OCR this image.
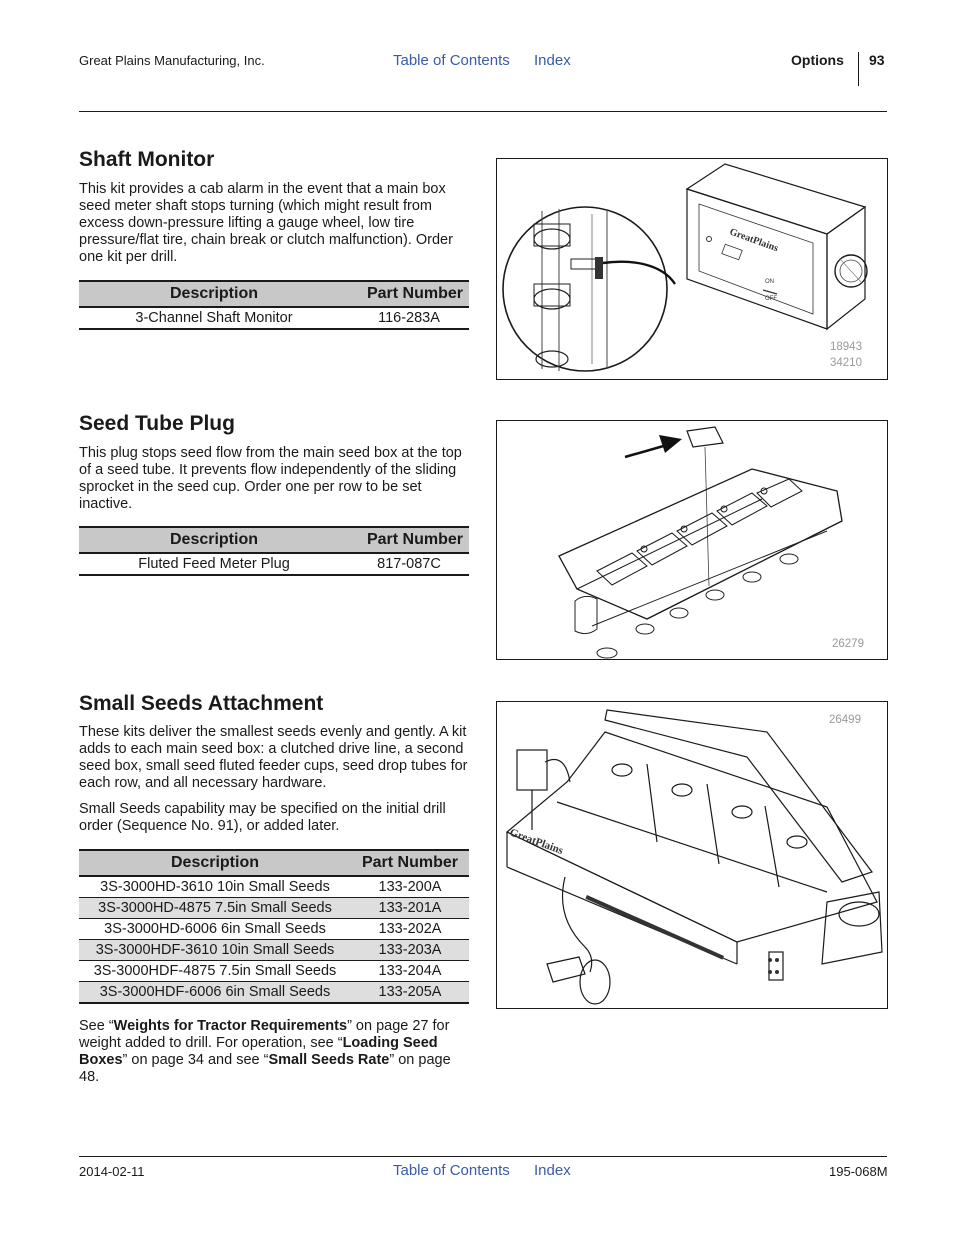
Great Plains Manufacturing, Inc.	Table of Contents Index	Options 93
Shaft Monitor

This kit provides a cab alarm in the event that a main box seed meter shaft stops turning (which might result from excess down-pressure lifting a gauge wheel, low tire pressure/flat tire, chain break or clutch malfunction). Order one kit per drill.

Description	Part Number
3-Channel Shaft Monitor	116-283A
GreatPlains
ON
OFF
18943
34210
Seed Tube Plug

This plug stops seed flow from the main seed box at the top of a seed tube. It prevents flow independently of the sliding sprocket in the seed cup. Order one per row to be set inactive.

Description	Part Number
Fluted Feed Meter Plug	817-087C
26279
Small Seeds Attachment

These kits deliver the smallest seeds evenly and gently. A kit adds to each main seed box: a clutched drive line, a second seed box, small seed fluted feeder cups, seed drop tubes for each row, and all necessary hardware.

Small Seeds capability may be specified on the initial drill order (Sequence No. 91), or added later.

Description	Part Number
3S-3000HD-3610 10in Small Seeds	133-200A
3S-3000HD-4875 7.5in Small Seeds	133-201A
3S-3000HD-6006 6in Small Seeds	133-202A
3S-3000HDF-3610 10in Small Seeds	133-203A
3S-3000HDF-4875 7.5in Small Seeds	133-204A
3S-3000HDF-6006 6in Small Seeds	133-205A

See “Weights for Tractor Requirements” on page 27 for weight added to drill. For operation, see “Loading Seed Boxes” on page 34 and see “Small Seeds Rate” on page 48.

GreatPlains
26499
2014-02-11	Table of Contents Index	195-068M
